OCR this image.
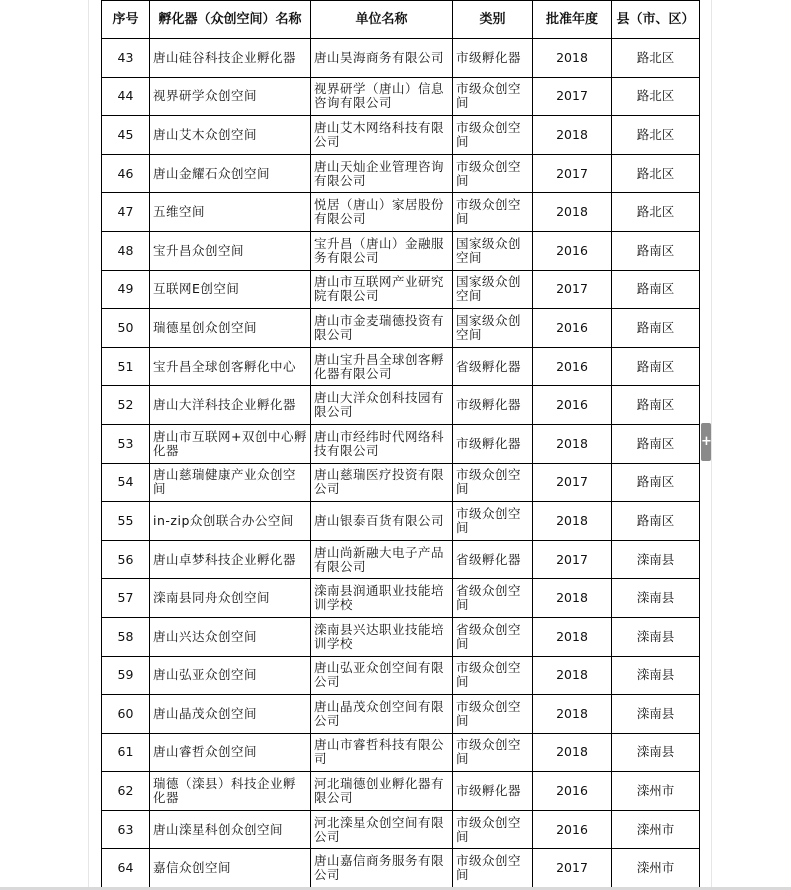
序号	孵化器（众创空间）名称	单位名称	类别	批准年度	县（市、区）
43	唐山硅谷科技企业孵化器	唐山昊海商务有限公司	市级孵化器	2018	路北区
44	视界研学众创空间	视界研学（唐山）信息咨询有限公司	市级众创空间	2017	路北区
45	唐山艾木众创空间	唐山艾木网络科技有限公司	市级众创空间	2018	路北区
46	唐山金耀石众创空间	唐山天灿企业管理咨询有限公司	市级众创空间	2017	路北区
47	五维空间	悦居（唐山）家居股份有限公司	市级众创空间	2018	路北区
48	宝升昌众创空间	宝升昌（唐山）金融服务有限公司	国家级众创空间	2016	路南区
49	互联网E创空间	唐山市互联网产业研究院有限公司	国家级众创空间	2017	路南区
50	瑞德星创众创空间	唐山市金麦瑞德投资有限公司	国家级众创空间	2016	路南区
51	宝升昌全球创客孵化中心	唐山宝升昌全球创客孵化器有限公司	省级孵化器	2016	路南区
52	唐山大洋科技企业孵化器	唐山大洋众创科技园有限公司	市级孵化器	2016	路南区
53	唐山市互联网+双创中心孵化器	唐山市经纬时代网络科技有限公司	市级孵化器	2018	路南区
54	唐山慈瑞健康产业众创空间	唐山慈瑞医疗投资有限公司	市级众创空间	2017	路南区
55	in-zip众创联合办公空间	唐山银泰百货有限公司	市级众创空间	2018	路南区
56	唐山卓梦科技企业孵化器	唐山尚新融大电子产品有限公司	省级孵化器	2017	滦南县
57	滦南县同舟众创空间	滦南县润通职业技能培训学校	省级众创空间	2018	滦南县
58	唐山兴达众创空间	滦南县兴达职业技能培训学校	省级众创空间	2018	滦南县
59	唐山弘亚众创空间	唐山弘亚众创空间有限公司	市级众创空间	2018	滦南县
60	唐山晶茂众创空间	唐山晶茂众创空间有限公司	市级众创空间	2018	滦南县
61	唐山睿哲众创空间	唐山市睿哲科技有限公司	市级众创空间	2018	滦南县
62	瑞德（滦县）科技企业孵化器	河北瑞德创业孵化器有限公司	市级孵化器	2016	滦州市
63	唐山滦星科创众创空间	河北滦星众创空间有限公司	市级众创空间	2016	滦州市
64	嘉信众创空间	唐山嘉信商务服务有限公司	市级众创空间	2017	滦州市
+
